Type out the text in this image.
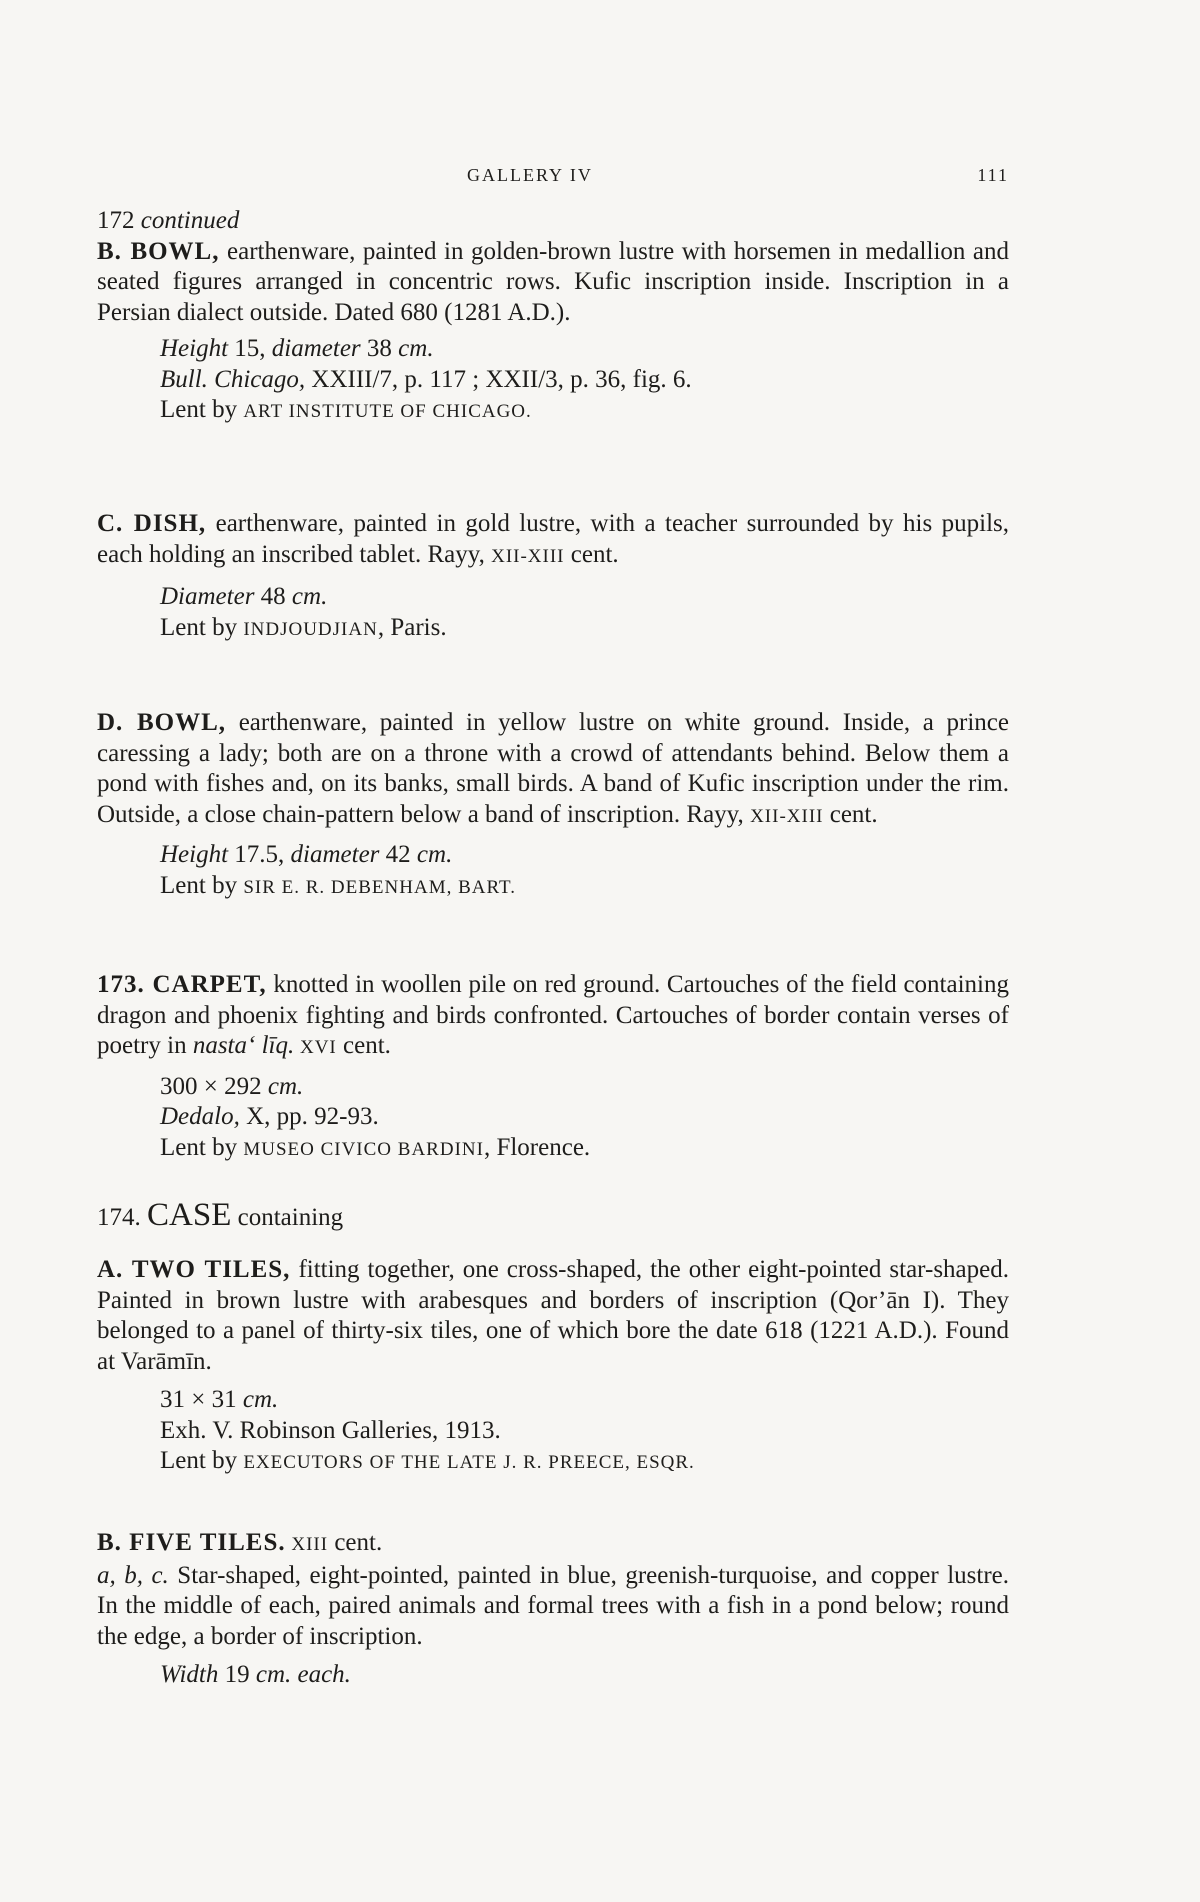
GALLERY IV	111

172 continued

B. BOWL, earthenware, painted in golden-brown lustre with horsemen in medallion and seated figures arranged in concentric rows. Kufic inscription inside. Inscription in a Persian dialect outside. Dated 680 (1281 A.D.).

Height 15, diameter 38 cm.
Bull. Chicago, XXIII/7, p. 117 ; XXII/3, p. 36, fig. 6.
Lent by ART INSTITUTE OF CHICAGO.

C. DISH, earthenware, painted in gold lustre, with a teacher surrounded by his pupils, each holding an inscribed tablet. Rayy, XII-XIII cent.

Diameter 48 cm.
Lent by INDJOUDJIAN, Paris.

D. BOWL, earthenware, painted in yellow lustre on white ground. Inside, a prince caressing a lady; both are on a throne with a crowd of attendants behind. Below them a pond with fishes and, on its banks, small birds. A band of Kufic inscription under the rim. Outside, a close chain-pattern below a band of inscription. Rayy, XII-XIII cent.

Height 17.5, diameter 42 cm.
Lent by SIR E. R. DEBENHAM, BART.

173. CARPET, knotted in woollen pile on red ground. Cartouches of the field containing dragon and phoenix fighting and birds confronted. Cartouches of border contain verses of poetry in nasta‘ līq. XVI cent.

300 × 292 cm.
Dedalo, X, pp. 92-93.
Lent by MUSEO CIVICO BARDINI, Florence.

174. CASE containing

A. TWO TILES, fitting together, one cross-shaped, the other eight-pointed star-shaped. Painted in brown lustre with arabesques and borders of inscription (Qor’ān I). They belonged to a panel of thirty-six tiles, one of which bore the date 618 (1221 A.D.). Found at Varāmīn.

31 × 31 cm.
Exh. V. Robinson Galleries, 1913.
Lent by EXECUTORS OF THE LATE J. R. PREECE, ESQR.

B. FIVE TILES. XIII cent.

a, b, c. Star-shaped, eight-pointed, painted in blue, greenish-turquoise, and copper lustre. In the middle of each, paired animals and formal trees with a fish in a pond below; round the edge, a border of inscription.

Width 19 cm. each.
